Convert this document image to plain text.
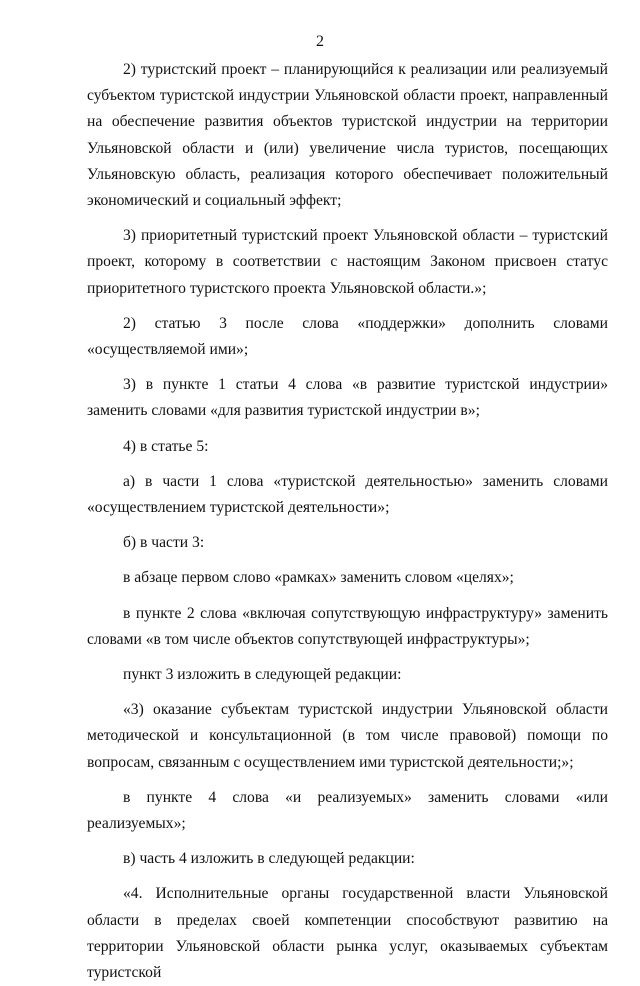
2

2) туристский проект – планирующийся к реализации или реализуемый субъектом туристской индустрии Ульяновской области проект, направленный на обеспечение развития объектов туристской индустрии на территории Ульяновской области и (или) увеличение числа туристов, посещающих Ульяновскую область, реализация которого обеспечивает положительный экономический и социальный эффект;

3) приоритетный туристский проект Ульяновской области – туристский проект, которому в соответствии с настоящим Законом присвоен статус приоритетного туристского проекта Ульяновской области.»;

2) статью 3 после слова «поддержки» дополнить словами «осуществляемой ими»;

3) в пункте 1 статьи 4 слова «в развитие туристской индустрии» заменить словами «для развития туристской индустрии в»;

4) в статье 5:

а) в части 1 слова «туристской деятельностью» заменить словами «осуществлением туристской деятельности»;

б) в части 3:

в абзаце первом слово «рамках» заменить словом «целях»;

в пункте 2 слова «включая сопутствующую инфраструктуру» заменить словами «в том числе объектов сопутствующей инфраструктуры»;

пункт 3 изложить в следующей редакции:

«3) оказание субъектам туристской индустрии Ульяновской области методической и консультационной (в том числе правовой) помощи по вопросам, связанным с осуществлением ими туристской деятельности;»;

в пункте 4 слова «и реализуемых» заменить словами «или реализуемых»;

в) часть 4 изложить в следующей редакции:

«4. Исполнительные органы государственной власти Ульяновской области в пределах своей компетенции способствуют развитию на территории Ульяновской области рынка услуг, оказываемых субъектам туристской
